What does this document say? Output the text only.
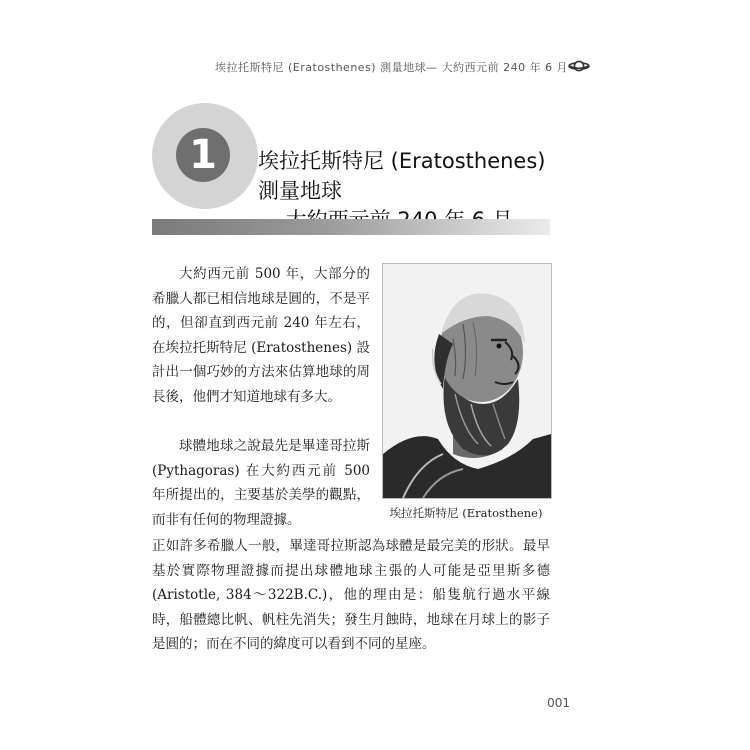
埃拉托斯特尼 (Eratosthenes) 測量地球— 大約西元前 240 年 6 月
1	埃拉托斯特尼 (Eratosthenes)
測量地球

大約西元前 500 年，大部分的希臘人都已相信地球是圓的，不是平的，但卻直到西元前 240 年左右，在埃拉托斯特尼 (Eratosthenes) 設計出一個巧妙的方法來估算地球的周長後，他們才知道地球有多大。

球體地球之說最先是畢達哥拉斯 (Pythagoras) 在大約西元前 500 年所提出的，主要基於美學的觀點，而非有任何的物理證據。	埃拉托斯特尼 (Eratosthene)

正如許多希臘人一般，畢達哥拉斯認為球體是最完美的形狀。最早基於實際物理證據而提出球體地球主張的人可能是亞里斯多德 (Aristotle, 384～322B.C.)，他的理由是：船隻航行過水平線時，船體總比帆、帆柱先消失；發生月蝕時，地球在月球上的影子是圓的；而在不同的緯度可以看到不同的星座。

001
